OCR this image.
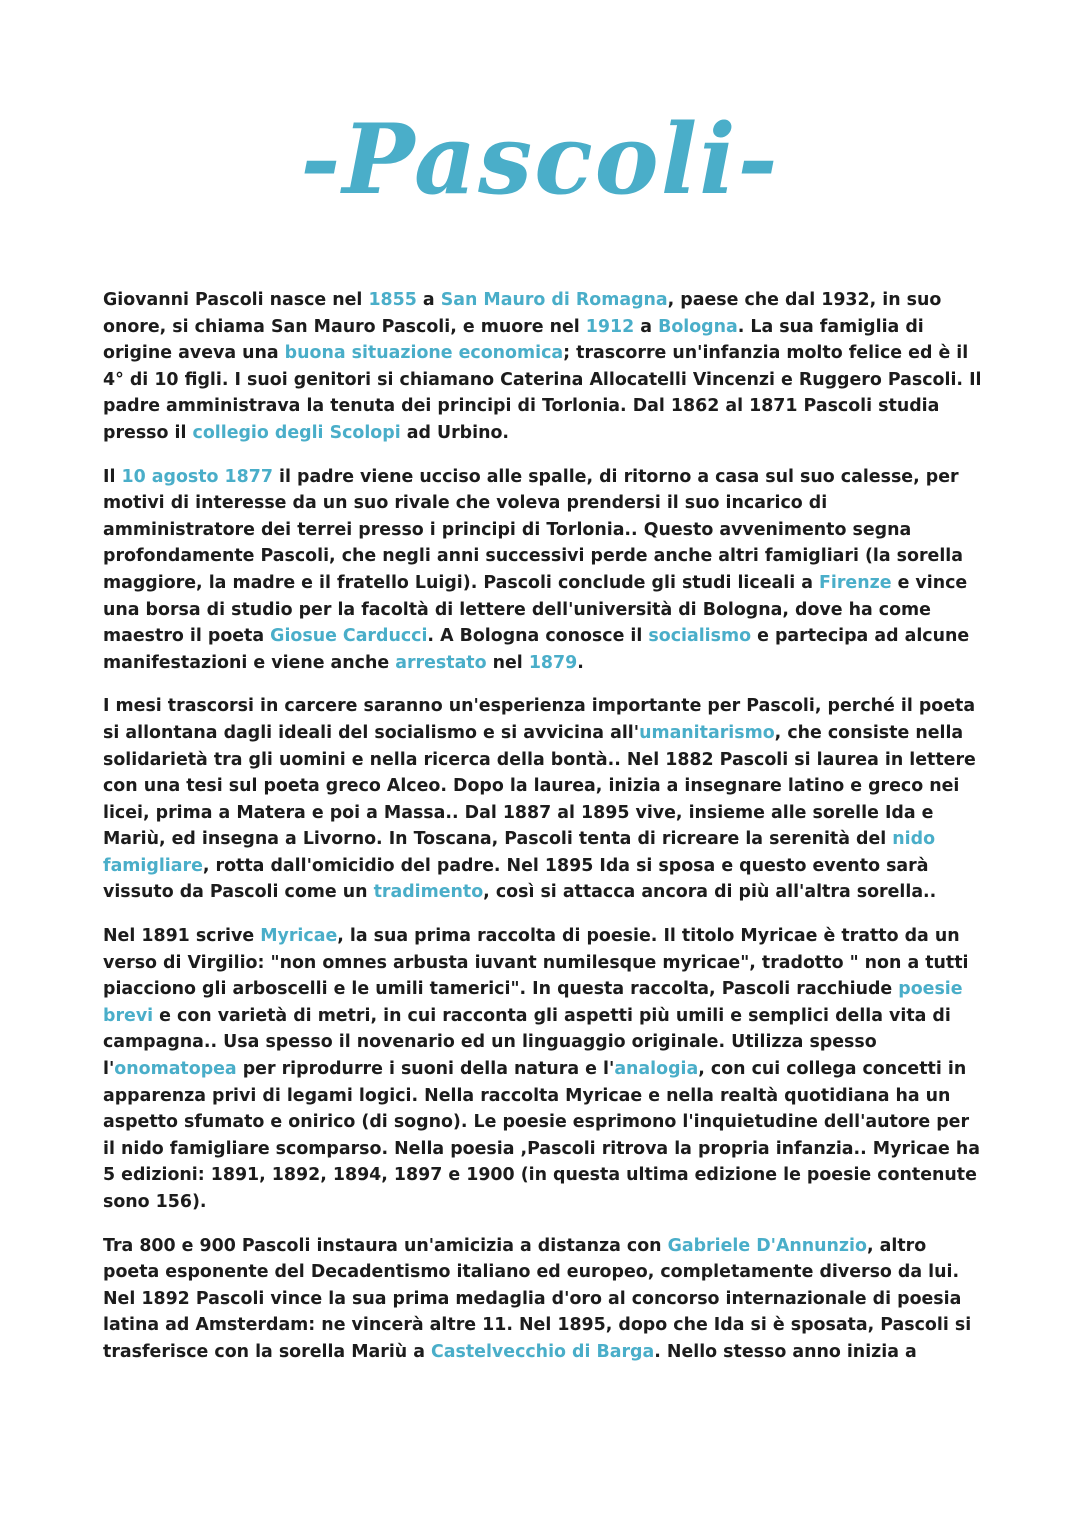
-Pascoli-

Giovanni Pascoli nasce nel 1855 a San Mauro di Romagna, paese che dal 1932, in suo onore, si chiama San Mauro Pascoli, e muore nel 1912 a Bologna. La sua famiglia di origine aveva una buona situazione economica; trascorre un'infanzia molto felice ed è il 4° di 10 figli. I suoi genitori si chiamano Caterina Allocatelli Vincenzi e Ruggero Pascoli. Il padre amministrava la tenuta dei principi di Torlonia. Dal 1862 al 1871 Pascoli studia presso il collegio degli Scolopi ad Urbino.

Il 10 agosto 1877 il padre viene ucciso alle spalle, di ritorno a casa sul suo calesse, per motivi di interesse da un suo rivale che voleva prendersi il suo incarico di amministratore dei terrei presso i principi di Torlonia.. Questo avvenimento segna profondamente Pascoli, che negli anni successivi perde anche altri famigliari (la sorella maggiore, la madre e il fratello Luigi). Pascoli conclude gli studi liceali a Firenze e vince una borsa di studio per la facoltà di lettere dell'università di Bologna, dove ha come maestro il poeta Giosue Carducci. A Bologna conosce il socialismo e partecipa ad alcune manifestazioni e viene anche arrestato nel 1879.

I mesi trascorsi in carcere saranno un'esperienza importante per Pascoli, perché il poeta si allontana dagli ideali del socialismo e si avvicina all'umanitarismo, che consiste nella solidarietà tra gli uomini e nella ricerca della bontà.. Nel 1882 Pascoli si laurea in lettere con una tesi sul poeta greco Alceo. Dopo la laurea, inizia a insegnare latino e greco nei licei, prima a Matera e poi a Massa.. Dal 1887 al 1895 vive, insieme alle sorelle Ida e Mariù, ed insegna a Livorno. In Toscana, Pascoli tenta di ricreare la serenità del nido famigliare, rotta dall'omicidio del padre. Nel 1895 Ida si sposa e questo evento sarà vissuto da Pascoli come un tradimento, così si attacca ancora di più all'altra sorella..

Nel 1891 scrive Myricae, la sua prima raccolta di poesie. Il titolo Myricae è tratto da un verso di Virgilio: "non omnes arbusta iuvant numilesque myricae", tradotto " non a tutti piacciono gli arboscelli e le umili tamerici". In questa raccolta, Pascoli racchiude poesie brevi e con varietà di metri, in cui racconta gli aspetti più umili e semplici della vita di campagna.. Usa spesso il novenario ed un linguaggio originale. Utilizza spesso l'onomatopea per riprodurre i suoni della natura e l'analogia, con cui collega concetti in apparenza privi di legami logici. Nella raccolta Myricae e nella realtà quotidiana ha un aspetto sfumato e onirico (di sogno). Le poesie esprimono l'inquietudine dell'autore per il nido famigliare scomparso. Nella poesia ,Pascoli ritrova la propria infanzia.. Myricae ha 5 edizioni: 1891, 1892, 1894, 1897 e 1900 (in questa ultima edizione le poesie contenute sono 156).

Tra 800 e 900 Pascoli instaura un'amicizia a distanza con Gabriele D'Annunzio, altro poeta esponente del Decadentismo italiano ed europeo, completamente diverso da lui. Nel 1892 Pascoli vince la sua prima medaglia d'oro al concorso internazionale di poesia latina ad Amsterdam: ne vincerà altre 11. Nel 1895, dopo che Ida si è sposata, Pascoli si trasferisce con la sorella Mariù a Castelvecchio di Barga. Nello stesso anno inizia a
